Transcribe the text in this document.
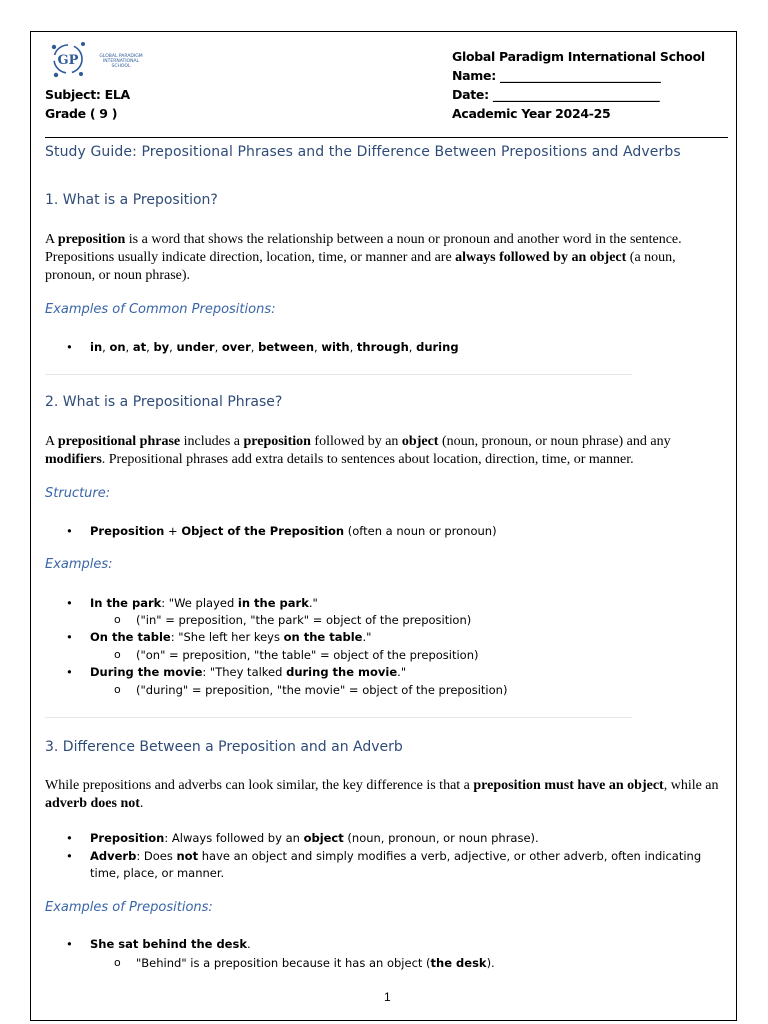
GP	GLOBAL PARADIGM
INTERNATIONAL
SCHOOL
Subject: ELA
Grade ( 9 )
Global Paradigm International School
Name: ___________________________
Date: ____________________________
Academic Year 2024-25
Study Guide: Prepositional Phrases and the Difference Between Prepositions and Adverbs
1. What is a Preposition?
A preposition is a word that shows the relationship between a noun or pronoun and another word in the sentence. Prepositions usually indicate direction, location, time, or manner and are always followed by an object (a noun, pronoun, or noun phrase).
Examples of Common Prepositions:
• in, on, at, by, under, over, between, with, through, during
2. What is a Prepositional Phrase?
A prepositional phrase includes a preposition followed by an object (noun, pronoun, or noun phrase) and any modifiers. Prepositional phrases add extra details to sentences about location, direction, time, or manner.
Structure:
• Preposition + Object of the Preposition (often a noun or pronoun)
Examples:
• In the park: "We played in the park."
o ("in" = preposition, "the park" = object of the preposition)
• On the table: "She left her keys on the table."
o ("on" = preposition, "the table" = object of the preposition)
• During the movie: "They talked during the movie."
o ("during" = preposition, "the movie" = object of the preposition)
3. Difference Between a Preposition and an Adverb
While prepositions and adverbs can look similar, the key difference is that a preposition must have an object, while an adverb does not.
• Preposition: Always followed by an object (noun, pronoun, or noun phrase).
• Adverb: Does not have an object and simply modifies a verb, adjective, or other adverb, often indicating time, place, or manner.
Examples of Prepositions:
• She sat behind the desk.
o "Behind" is a preposition because it has an object (the desk).
1
